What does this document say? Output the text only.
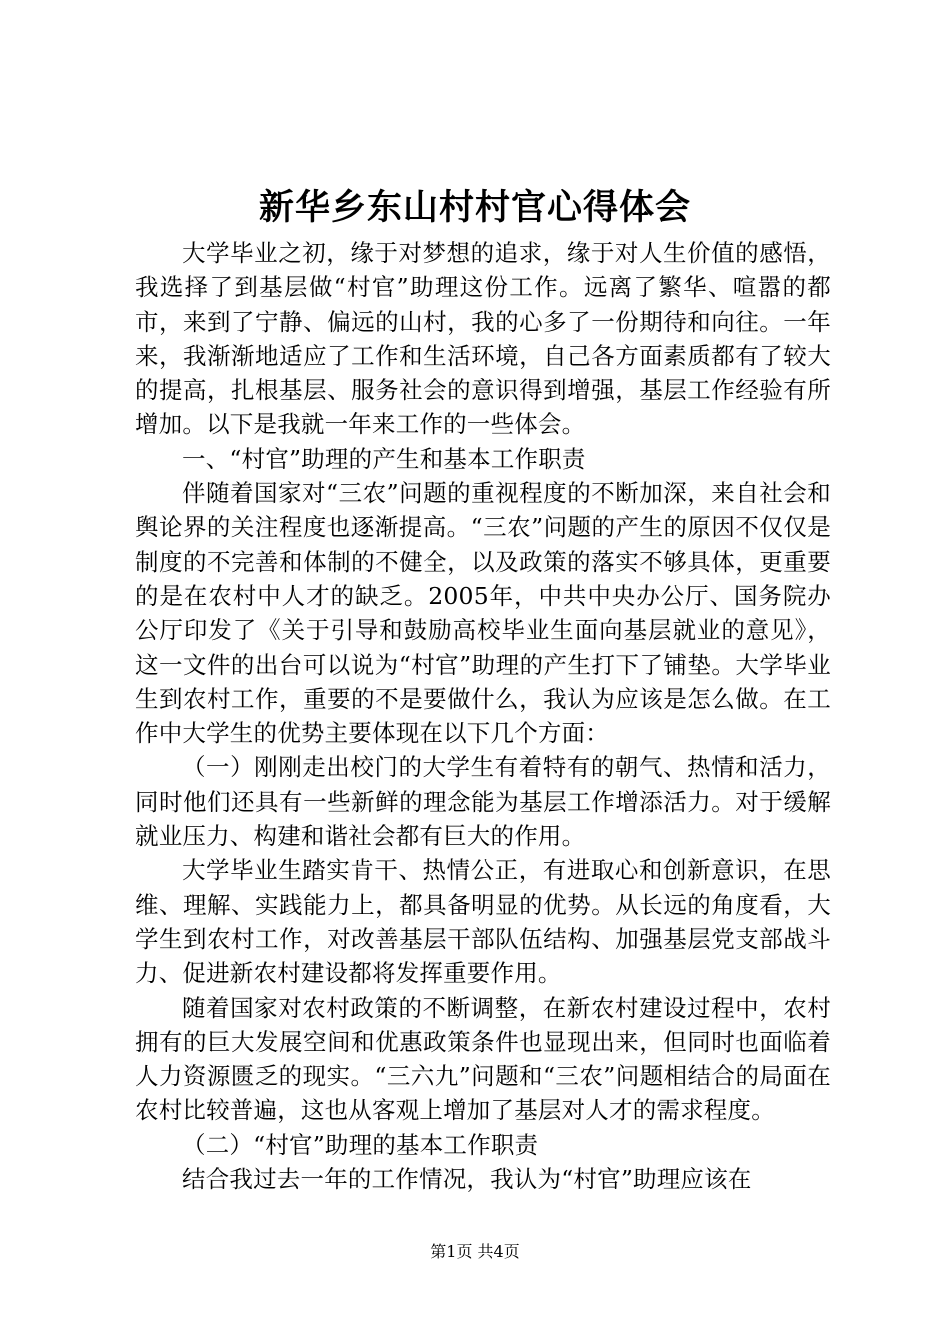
新华乡东山村村官心得体会

大学毕业之初，缘于对梦想的追求，缘于对人生价值的感悟，我选择了到基层做“村官”助理这份工作。远离了繁华、喧嚣的都市，来到了宁静、偏远的山村，我的心多了一份期待和向往。一年来，我渐渐地适应了工作和生活环境，自己各方面素质都有了较大的提高，扎根基层、服务社会的意识得到增强，基层工作经验有所增加。以下是我就一年来工作的一些体会。

一、“村官”助理的产生和基本工作职责

伴随着国家对“三农”问题的重视程度的不断加深，来自社会和舆论界的关注程度也逐渐提高。“三农”问题的产生的原因不仅仅是制度的不完善和体制的不健全，以及政策的落实不够具体，更重要的是在农村中人才的缺乏。2005年，中共中央办公厅、国务院办公厅印发了《关于引导和鼓励高校毕业生面向基层就业的意见》，这一文件的出台可以说为“村官”助理的产生打下了铺垫。大学毕业生到农村工作，重要的不是要做什么，我认为应该是怎么做。在工作中大学生的优势主要体现在以下几个方面：

（一）刚刚走出校门的大学生有着特有的朝气、热情和活力，同时他们还具有一些新鲜的理念能为基层工作增添活力。对于缓解就业压力、构建和谐社会都有巨大的作用。

大学毕业生踏实肯干、热情公正，有进取心和创新意识，在思维、理解、实践能力上，都具备明显的优势。从长远的角度看，大学生到农村工作，对改善基层干部队伍结构、加强基层党支部战斗力、促进新农村建设都将发挥重要作用。

随着国家对农村政策的不断调整，在新农村建设过程中，农村拥有的巨大发展空间和优惠政策条件也显现出来，但同时也面临着人力资源匮乏的现实。“三六九”问题和“三农”问题相结合的局面在农村比较普遍，这也从客观上增加了基层对人才的需求程度。

（二）“村官”助理的基本工作职责

结合我过去一年的工作情况，我认为“村官”助理应该在

第1页 共4页
